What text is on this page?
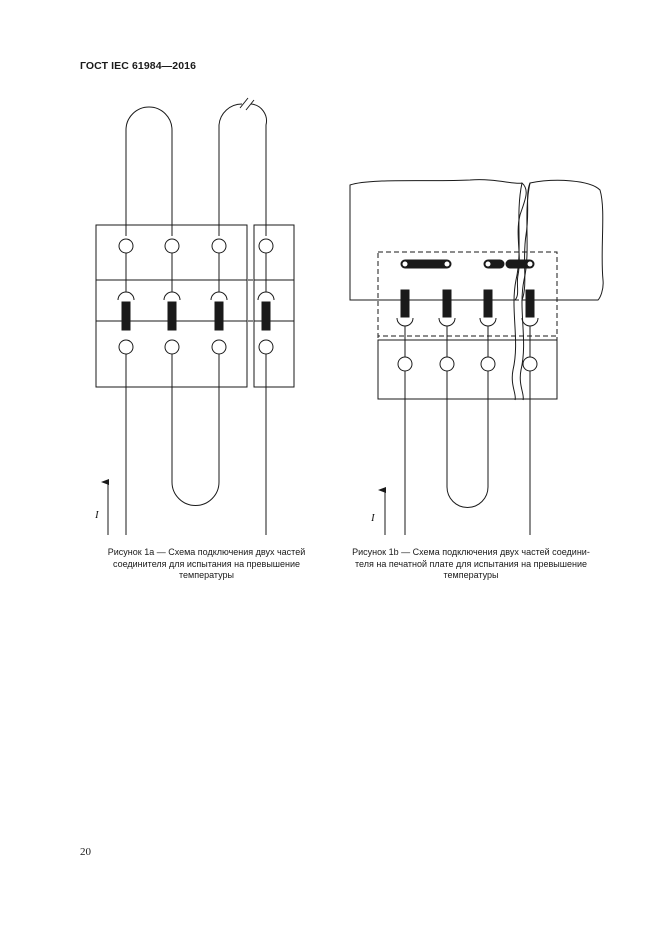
ГОСТ IEC 61984—2016
I	I
Рисунок 1a — Схема подключения двух частей
соединителя для испытания на превышение
температуры
Рисунок 1b — Схема подключения двух частей соедини-
теля на печатной плате для испытания на превышение
температуры
20
